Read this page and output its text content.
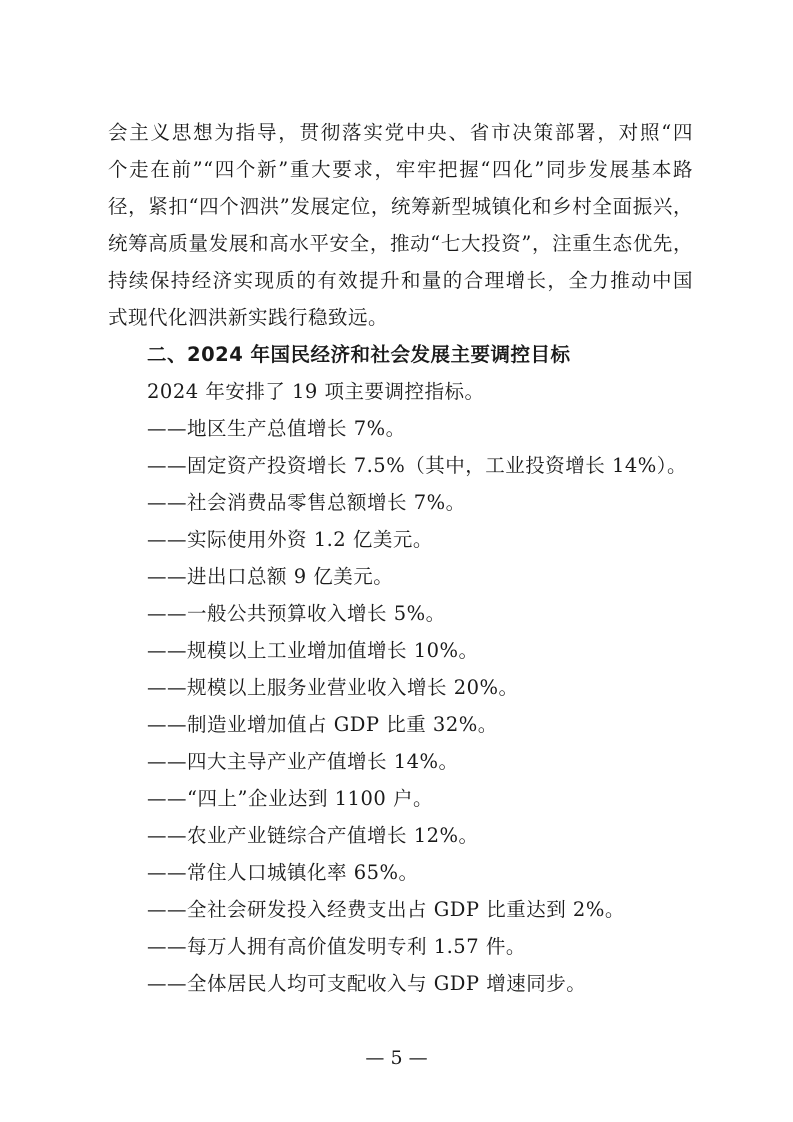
会主义思想为指导，贯彻落实党中央、省市决策部署，对照“四
个走在前”“四个新”重大要求，牢牢把握“四化”同步发展基本路
径，紧扣“四个泗洪”发展定位，统筹新型城镇化和乡村全面振兴，
统筹高质量发展和高水平安全，推动“七大投资”，注重生态优先，
持续保持经济实现质的有效提升和量的合理增长，全力推动中国
式现代化泗洪新实践行稳致远。
二、2024 年国民经济和社会发展主要调控目标
2024 年安排了 19 项主要调控指标。
——地区生产总值增长 7%。
——固定资产投资增长 7.5%（其中，工业投资增长 14%）。
——社会消费品零售总额增长 7%。
——实际使用外资 1.2 亿美元。
——进出口总额 9 亿美元。
——一般公共预算收入增长 5%。
——规模以上工业增加值增长 10%。
——规模以上服务业营业收入增长 20%。
——制造业增加值占 GDP 比重 32%。
——四大主导产业产值增长 14%。
——“四上”企业达到 1100 户。
——农业产业链综合产值增长 12%。
——常住人口城镇化率 65%。
——全社会研发投入经费支出占 GDP 比重达到 2%。
——每万人拥有高价值发明专利 1.57 件。
——全体居民人均可支配收入与 GDP 增速同步。
— 5 —
